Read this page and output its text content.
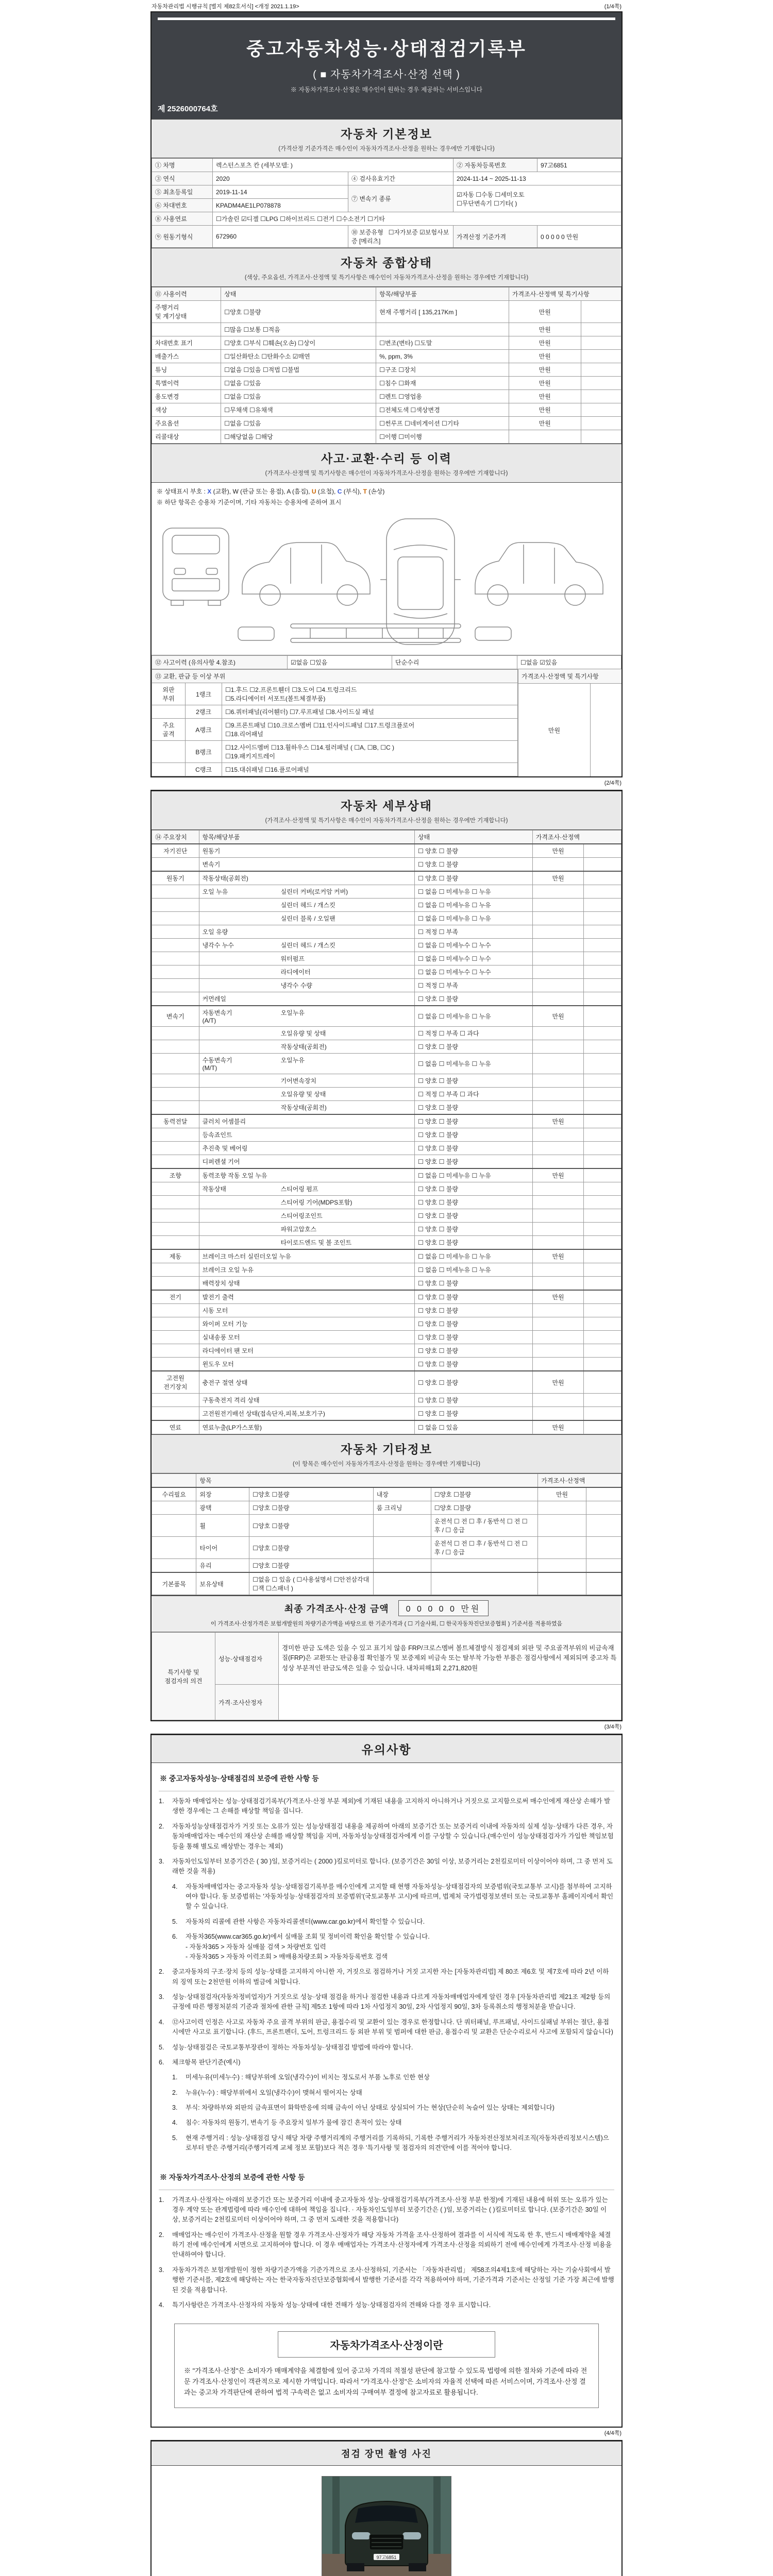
자동차관리법 시행규칙 [별지 제82호서식] <개정 2021.1.19>	(1/4쪽)
중고자동차성능·상태점검기록부
( ■ 자동차가격조사·산정 선택 )
※ 자동차가격조사·산정은 매수인이 원하는 경우 제공하는 서비스입니다
제 2526000764호
자동차 기본정보
(가격산정 기준가격은 매수인이 자동차가격조사·산정을 원하는 경우에만 기재합니다)
① 차명	렉스턴스포츠 칸 (세부모델: )		② 자동차등록번호	97고6851
③ 연식	2020	④ 검사유효기간	2024-11-14 ~ 2025-11-13	
⑤ 최초등록일	2019-11-14	⑦ 변속기 종류	☑자동 ☐수동 ☐세미오토
☐무단변속기 ☐기타( )	
⑥ 차대번호	KPADM4AE1LP078878			
⑧ 사용연료	☐가솔린 ☑디젤 ☐LPG ☐하이브리드 ☐전기 ☐수소전기 ☐기타			
⑨ 원동기형식	672960	⑩ 보증유형 ☐자가보증 ☑보험사보증 [메리츠]	가격산정 기준가격	0 0 0 0 0 만원
자동차 종합상태
(색상, 주요옵션, 가격조사·산정액 및 특기사항은 매수인이 자동차가격조사·산정을 원하는 경우에만 기재합니다)
⑪ 사용이력	상태	항목/해당부품	가격조사·산정액 및 특기사항	
주행거리
및 계기상태	☐양호 ☐불량	현재 주행거리 [ 135,217Km ]	만원	
	☐많음 ☐보통 ☐적음		만원	
차대번호 표기	☐양호 ☐부식 ☐훼손(오손) ☐상이	☐변조(변타) ☐도말	만원	
배출가스	☐일산화탄소 ☐탄화수소 ☑매연	%, ppm, 3%	만원	
튜닝	☐없음 ☐있음 ☐적법 ☐불법	☐구조 ☐장치	만원	
특별이력	☐없음 ☐있음	☐침수 ☐화재	만원	
용도변경	☐없음 ☐있음	☐렌트 ☐영업용	만원	
색상	☐무채색 ☐유채색	☐전체도색 ☐색상변경	만원	
주요옵션	☐없음 ☐있음	☐썬루프 ☐네비게이션 ☐기타	만원	
리콜대상	☐해당없음 ☐해당	☐이행 ☐미이행		
사고·교환·수리 등 이력
(가격조사·산정액 및 특기사항은 매수인이 자동차가격조사·산정을 원하는 경우에만 기재합니다)
※ 상태표시 부호 : X (교환), W (판금 또는 용접), A (흠집), U (요철), C (부식), T (손상)
※ 하단 항목은 승용차 기준이며, 기타 자동차는 승용차에 준하여 표시
⑫ 사고이력 (유의사항 4.참조)	☑없음 ☐있음	단순수리	☐없음 ☑있음
⑬ 교환, 판금 등 이상 부위		
외판
부위	1랭크	☐1.후드 ☐2.프론트휀더 ☐3.도어 ☐4.트렁크리드
☐5.라디에이터 서포트(볼트체결부품)
	2랭크	☐6.쿼터패널(리어휀더) ☐7.루프패널 ☐8.사이드실 패널
주요
골격	A랭크	☐9.프론트패널 ☐10.크로스멤버 ☐11.인사이드패널 ☐17.트렁크플로어
☐18.리어패널
	B랭크	☐12.사이드멤버 ☐13.휠하우스 ☐14.필러패널 ( ☐A, ☐B, ☐C )
☐19.패키지트레이
	C랭크	☐15.대쉬패널 ☐16.플로어패널
가격조사·산정액 및 특기사항
만원
(2/4쪽)
자동차 세부상태
(가격조사·산정액 및 특기사항은 매수인이 자동차가격조사·산정을 원하는 경우에만 기재합니다)
⑭ 주요장치	항목/해당부품	상태	가격조사·산정액	
자기진단	원동기	☐ 양호 ☐ 불량	만원	
	변속기	☐ 양호 ☐ 불량		
원동기	작동상태(공회전)	☐ 양호 ☐ 불량	만원	
	오일 누유 실린더 커버(로커암 커버)	☐ 없음 ☐ 미세누유 ☐ 누유		
	실린더 헤드 / 개스킷	☐ 없음 ☐ 미세누유 ☐ 누유		
	실린더 블록 / 오일팬	☐ 없음 ☐ 미세누유 ☐ 누유		
	오일 유량	☐ 적정 ☐ 부족		
	냉각수 누수 실린더 헤드 / 개스킷	☐ 없음 ☐ 미세누수 ☐ 누수		
	워터펌프	☐ 없음 ☐ 미세누수 ☐ 누수		
	라디에이터	☐ 없음 ☐ 미세누수 ☐ 누수		
	냉각수 수량	☐ 적정 ☐ 부족		
	커먼레일	☐ 양호 ☐ 불량		
변속기	자동변속기
(A/T)오일누유	☐ 없음 ☐ 미세누유 ☐ 누유	만원	
	오일유량 및 상태	☐ 적정 ☐ 부족 ☐ 과다		
	작동상태(공회전)	☐ 양호 ☐ 불량		
	수동변속기
(M/T)오일누유	☐ 없음 ☐ 미세누유 ☐ 누유		
	기어변속장치	☐ 양호 ☐ 불량		
	오일유량 및 상태	☐ 적정 ☐ 부족 ☐ 과다		
	작동상태(공회전)	☐ 양호 ☐ 불량		
동력전달	클러치 어셈블리	☐ 양호 ☐ 불량	만원	
	등속죠인트	☐ 양호 ☐ 불량		
	추진축 및 베어링	☐ 양호 ☐ 불량		
	디퍼렌셜 기어	☐ 양호 ☐ 불량		
조향	동력조향 작동 오일 누유	☐ 없음 ☐ 미세누유 ☐ 누유	만원	
	작동상태 스티어링 펌프	☐ 양호 ☐ 불량		
	스티어링 기어(MDPS포함)	☐ 양호 ☐ 불량		
	스티어링조인트	☐ 양호 ☐ 불량		
	파워고압호스	☐ 양호 ☐ 불량		
	타이로드엔드 및 볼 조인트	☐ 양호 ☐ 불량		
제동	브레이크 마스터 실린더오일 누유	☐ 없음 ☐ 미세누유 ☐ 누유	만원	
	브레이크 오일 누유	☐ 없음 ☐ 미세누유 ☐ 누유		
	배력장치 상태	☐ 양호 ☐ 불량		
전기	발전기 출력	☐ 양호 ☐ 불량	만원	
	시동 모터	☐ 양호 ☐ 불량		
	와이퍼 모터 기능	☐ 양호 ☐ 불량		
	실내송풍 모터	☐ 양호 ☐ 불량		
	라디에이터 팬 모터	☐ 양호 ☐ 불량		
	윈도우 모터	☐ 양호 ☐ 불량		
고전원
전기장치	충전구 절연 상태	☐ 양호 ☐ 불량	만원	
	구동축전지 격리 상태	☐ 양호 ☐ 불량		
	고전원전기배선 상태(접속단자,피복,보호기구)	☐ 양호 ☐ 불량		
연료	연료누출(LP가스포함)	☐ 없음 ☐ 있음	만원	
자동차 기타정보
(이 항목은 매수인이 자동차가격조사·산정을 원하는 경우에만 기재합니다)
	항목				가격조사·산정액	
수리필요	외장	☐양호 ☐불량	내장	☐양호 ☐불량	만원	
	광택	☐양호 ☐불량	룸 크리닝	☐양호 ☐불량		
	휠	☐양호 ☐불량		운전석 ☐ 전 ☐ 후 / 동반석 ☐ 전 ☐ 후 / ☐ 응급		
	타이어	☐양호 ☐불량		운전석 ☐ 전 ☐ 후 / 동반석 ☐ 전 ☐ 후 / ☐ 응급		
	유리	☐양호 ☐불량				
기본품목	보유상태	☐없음 ☐ 있음 ( ☐사용설명서 ☐안전삼각대 ☐잭 ☐스패너 )				
최종 가격조사·산정 금액	0 0 0 0 0 만원
이 가격조사·산정가격은 보험개발원의 차량기준가액을 바탕으로 한 기준가격과 ( ☐ 기술사회, ☐ 한국자동차진단보증협회 ) 기준서를 적용하였음
특기사항 및
점검자의 의견	성능·상태점검자	경미한 판금 도색은 있을 수 있고 표기치 않음 FRP/크로스멤버 볼트체결방식 점검제외 외판 및 주요골격부위의 비금속재질(FRP)은 교환또는 판금용접 확인불가 및 보증제외 비금속 또는 탈부착 가능한 부품은 점검사항에서 제외되며 중고차 특성상 부분적인 판금도색은 있을 수 있습니다. 내차피해1회 2,271,820원
	가격·조사산정자	
(3/4쪽)
유의사항
※ 중고자동차성능·상태점검의 보증에 관한 사항 등
1.	자동차 매매업자는 성능·상태점검기록부(가격조사·산정 부분 제외)에 기재된 내용을 고지하지 아니하거나 거짓으로 고지함으로써 매수인에게 재산상 손해가 발생한 경우에는 그 손해를 배상할 책임을 집니다.
2.	자동차성능상태점검자가 거짓 또는 오류가 있는 성능상태점검 내용을 제공하여 아래의 보증기간 또는 보증거리 이내에 자동차의 실제 성능·상태가 다른 경우, 자동차매매업자는 매수인의 재산상 손해를 배상할 책임을 지며, 자동차성능상태점검자에게 이를 구상할 수 있습니다.(매수인이 성능상태점검자가 가입한 책임보험 등을 통해 별도로 배상받는 경우는 제외)
3.	자동차인도일부터 보증기간은 ( 30 )일, 보증거리는 ( 2000 )킬로미터로 합니다. (보증기간은 30일 이상, 보증거리는 2천킬로미터 이상이어야 하며, 그 중 먼저 도래한 것을 적용)
4.	자동차매매업자는 중고자동차 성능·상태점검기록부를 매수인에게 고지할 때 현행 자동차성능·상태점검자의 보증범위(국토교통부 고시)를 첨부하여 고지하여야 합니다. 동 보증범위는 '자동차성능·상태점검자의 보증범위'(국토교통부 고시)에 따르며, 법제처 국가법령정보센터 또는 국토교통부 홈페이지에서 확인할 수 있습니다.
5.	자동차의 리콜에 관한 사항은 자동차리콜센터(www.car.go.kr)에서 확인할 수 있습니다.
6.	자동차365(www.car365.go.kr)에서 실매물 조회 및 정비이력 확인을 확인할 수 있습니다.
- 자동차365 > 자동차 실매물 검색 > 차량번호 입력
- 자동차365 > 자동차 이력조회 > 매매용차량조회 > 자동차등록번호 검색
2.	중고자동차의 구조·장치 등의 성능·상태를 고지하지 아니한 자, 거짓으로 점검하거나 거짓 고지한 자는 [자동차관리법] 제 80조 제6호 및 제7호에 따라 2년 이하의 징역 또는 2천만원 이하의 벌금에 처합니다.
3.	성능·상태점검자(자동차정비업자)가 거짓으로 성능·상태 점검을 하거나 점검한 내용과 다르게 자동차매매업자에게 알린 경우 [자동차관리법 제21조 제2항 등의 규정에 따른 행정처분의 기준과 절차에 관한 규칙] 제5조 1항에 따라 1차 사업정지 30일, 2차 사업정지 90일, 3차 등록취소의 행정처분을 받습니다.
4.	⑫사고이력 인정은 사고로 자동차 주요 골격 부위의 판금, 용접수리 및 교환이 있는 경우로 한정합니다. 단 쿼터패널, 루프패널, 사이드실패널 부위는 절단, 용접 시에만 사고로 표기합니다. (후드, 프론트펜더, 도어, 트렁크리드 등 외판 부위 및 범퍼에 대한 판금, 용접수리 및 교환은 단순수리로서 사고에 포함되지 않습니다)
5.	성능·상태점검은 국토교통부장관이 정하는 자동차성능·상태점검 방법에 따라야 합니다.
6.	체크항목 판단기준(예시)
1.	미세누유(미세누수) : 해당부위에 오일(냉각수)이 비치는 정도로서 부품 노후로 인한 현상
2.	누유(누수) : 해당부위에서 오일(냉각수)이 맺혀서 떨어지는 상태
3.	부식: 차량하부와 외판의 금속표면이 화학반응에 의해 금속이 아닌 상태로 상실되어 가는 현상(단순히 녹슬어 있는 상태는 제외합니다)
4.	침수: 자동차의 원동기, 변속기 등 주요장치 일부가 물에 잠긴 흔적이 있는 상태
5.	현재 주행거리 : 성능·상태점검 당시 해당 차량 주행거리계의 주행거리를 기록하되, 기록한 주행거리가 자동차전산정보처리조직(자동차관리정보시스템)으로부터 받은 주행거리(주행거리계 교체 정보 포함)보다 적은 경우 '특기사항 및 점검자의 의견'란에 이를 적어야 합니다.
※ 자동차가격조사·산정의 보증에 관한 사항 등
1.	가격조사·산정자는 아래의 보증기간 또는 보증거리 이내에 중고자동차 성능·상태점검기록부(가격조사·산정 부분 한정)에 기재된 내용에 허위 또는 오류가 있는 경우 계약 또는 관계법령에 따라 매수인에 대하여 책임을 집니다. · 자동차인도일부터 보증기간은 ( )일, 보증거리는 ( )킬로미터로 합니다. (보증기간은 30일 이상, 보증거리는 2천킬로미터 이상이어야 하며, 그 중 먼저 도래한 것을 적용합니다)
2.	매매업자는 매수인이 가격조사·산정을 원할 경우 가격조사·산정자가 해당 자동차 가격을 조사·산정하여 결과를 이 서식에 적도록 한 후, 반드시 매매계약을 체결하기 전에 매수인에게 서면으로 고지하여야 합니다. 이 경우 매매업자는 가격조사·산정자에게 가격조사·산정을 의뢰하기 전에 매수인에게 가격조사·산정 비용을 안내하여야 합니다.
3.	자동차가격은 보험개발원이 정한 차량기준가액을 기준가격으로 조사·산정하되, 기준서는 「자동차관리법」 제58조의4제1호에 해당하는 자는 기술사회에서 발행한 기준서를, 제2호에 해당하는 자는 한국자동차진단보증협회에서 발행한 기준서를 각각 적용하여야 하며, 기준가격과 기준서는 산정일 기준 가장 최근에 발행된 것을 적용합니다.
4.	특기사항란은 가격조사·산정자의 자동차 성능·상태에 대한 견해가 성능·상태점검자의 견해와 다를 경우 표시합니다.
자동차가격조사·산정이란
※ "가격조사·산정"은 소비자가 매매계약을 체결함에 있어 중고차 가격의 적절성 판단에 참고할 수 있도록 법령에 의한 절차와 기준에 따라 전문 가격조사·산정인이 객관적으로 제시한 가액입니다. 따라서 "가격조사·산정"은 소비자의 자율적 선택에 따른 서비스이며, 가격조사·산정 결과는 중고차 가격판단에 관하여 법적 구속력은 없고 소비자의 구매여부 결정에 참고자료로 활용됩니다.
(4/4쪽)
점검 장면 촬영 사진
97고6851
